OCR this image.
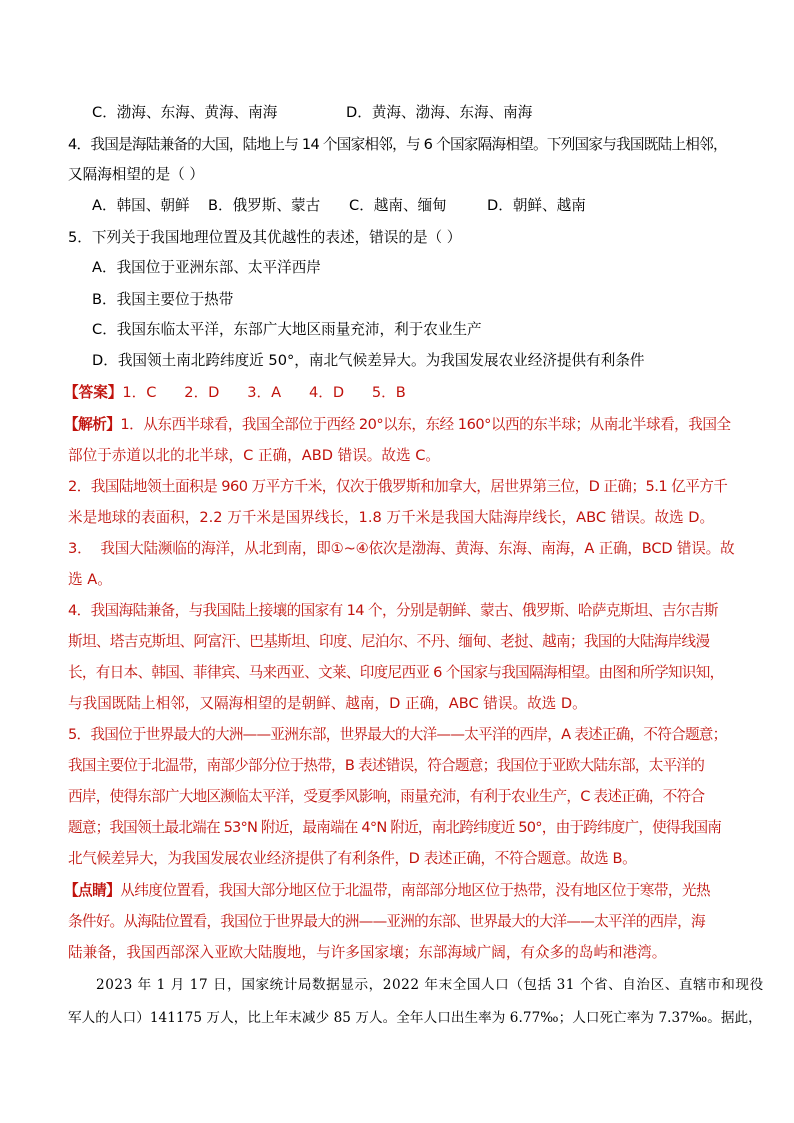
C．渤海、东海、黄海、南海	D．黄海、渤海、东海、南海
4．我国是海陆兼备的大国，陆地上与 14 个国家相邻，与 6 个国家隔海相望。下列国家与我国既陆上相邻，
又隔海相望的是（ ）
A．韩国、朝鲜 B．俄罗斯、蒙古 C．越南、缅甸	D．朝鲜、越南
5．下列关于我国地理位置及其优越性的表述，错误的是（ ）
A．我国位于亚洲东部、太平洋西岸
B．我国主要位于热带
C．我国东临太平洋，东部广大地区雨量充沛，利于农业生产
D．我国领土南北跨纬度近 50°，南北气候差异大。为我国发展农业经济提供有利条件
【答案】1．C      2．D      3．A      4．D      5．B
【解析】1．从东西半球看，我国全部位于西经 20°以东，东经 160°以西的东半球；从南北半球看，我国全
部位于赤道以北的北半球，C 正确，ABD 错误。故选 C。
2．我国陆地领土面积是 960 万平方千米，仅次于俄罗斯和加拿大，居世界第三位，D 正确；5.1 亿平方千
米是地球的表面积，2.2 万千米是国界线长，1.8 万千米是我国大陆海岸线长，ABC 错误。故选 D。
3．  我国大陆濒临的海洋，从北到南，即①~④依次是渤海、黄海、东海、南海，A 正确，BCD 错误。故
选 A。
4．我国海陆兼备，与我国陆上接壤的国家有 14 个，分别是朝鲜、蒙古、俄罗斯、哈萨克斯坦、吉尔吉斯
斯坦、塔吉克斯坦、阿富汗、巴基斯坦、印度、尼泊尔、不丹、缅甸、老挝、越南；我国的大陆海岸线漫
长，有日本、韩国、菲律宾、马来西亚、文莱、印度尼西亚 6 个国家与我国隔海相望。由图和所学知识知，
与我国既陆上相邻，又隔海相望的是朝鲜、越南，D 正确，ABC 错误。故选 D。
5．我国位于世界最大的大洲——亚洲东部，世界最大的大洋——太平洋的西岸，A 表述正确，不符合题意；
我国主要位于北温带，南部少部分位于热带，B 表述错误，符合题意；我国位于亚欧大陆东部，太平洋的
西岸，使得东部广大地区濒临太平洋，受夏季风影响，雨量充沛，有利于农业生产，C 表述正确，不符合
题意；我国领土最北端在 53°N 附近，最南端在 4°N 附近，南北跨纬度近 50°，由于跨纬度广，使得我国南
北气候差异大，为我国发展农业经济提供了有利条件，D 表述正确，不符合题意。故选 B。
【点睛】从纬度位置看，我国大部分地区位于北温带，南部部分地区位于热带，没有地区位于寒带，光热
条件好。从海陆位置看，我国位于世界最大的洲——亚洲的东部、世界最大的大洋——太平洋的西岸，海
陆兼备，我国西部深入亚欧大陆腹地，与许多国家壤；东部海域广阔，有众多的岛屿和港湾。
2023 年 1 月 17 日，国家统计局数据显示，2022 年末全国人口（包括 31 个省、自治区、直辖市和现役
军人的人口）141175 万人，比上年末减少 85 万人。全年人口出生率为 6.77‰；人口死亡率为 7.37‰。据此，
